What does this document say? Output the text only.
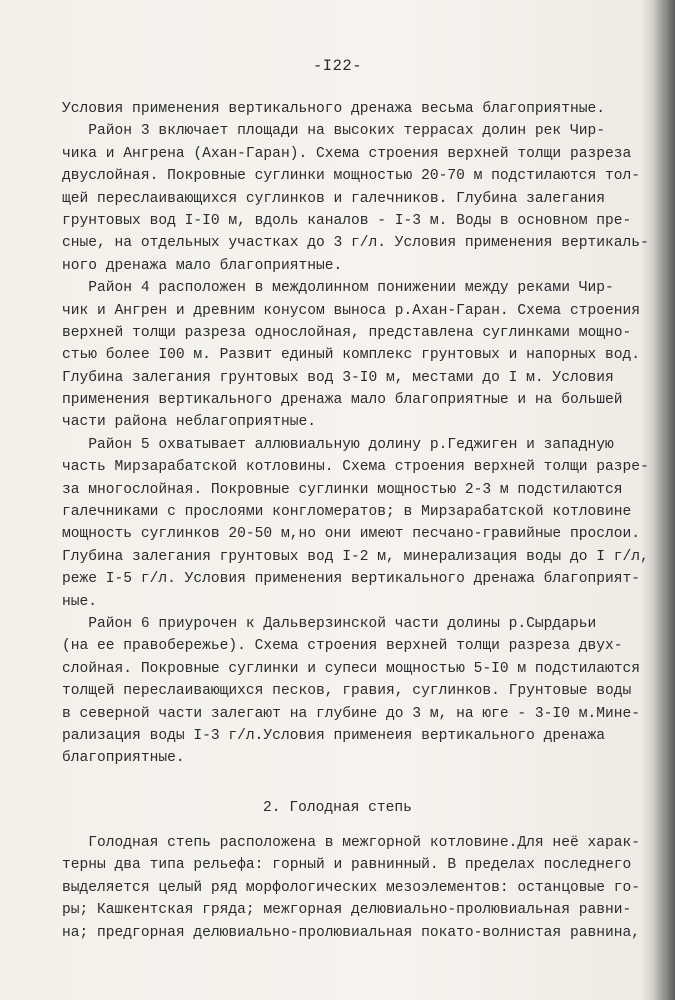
-I22-
Условия применения вертикального дренажа весьма благоприятные.
Район 3 включает площади на высоких террасах долин рек Чир-
чика и Ангрена (Ахан-Гаран). Схема строения верхней толщи разреза
двуслойная. Покровные суглинки мощностью 20-70 м подстилаются тол-
щей переслаивающихся суглинков и галечников. Глубина залегания
грунтовых вод I-I0 м, вдоль каналов - I-3 м. Воды в основном пре-
сные, на отдельных участках до 3 г/л. Условия применения вертикаль-
ного дренажа мало благоприятные.
Район 4 расположен в междолинном понижении между реками Чир-
чик и Ангрен и древним конусом выноса р.Ахан-Гаран. Схема строения
верхней толщи разреза однослойная, представлена суглинками мощно-
стью более I00 м. Развит единый комплекс грунтовых и напорных вод.
Глубина залегания грунтовых вод 3-I0 м, местами до I м. Условия
применения вертикального дренажа мало благоприятные и на большей
части района неблагоприятные.
Район 5 охватывает аллювиальную долину р.Геджиген и западную
часть Мирзарабатской котловины. Схема строения верхней толщи разре-
за многослойная. Покровные суглинки мощностью 2-3 м подстилаются
галечниками с прослоями конгломератов; в Мирзарабатской котловине
мощность суглинков 20-50 м,но они имеют песчано-гравийные прослои.
Глубина залегания грунтовых вод I-2 м, минерализация воды до I г/л,
реже I-5 г/л. Условия применения вертикального дренажа благоприят-
ные.
Район 6 приурочен к Дальверзинской части долины р.Сырдарьи
(на ее правобережье). Схема строения верхней толщи разреза двух-
слойная. Покровные суглинки и супеси мощностью 5-I0 м подстилаются
толщей переслаивающихся песков, гравия, суглинков. Грунтовые воды
в северной части залегают на глубине до 3 м, на юге - 3-I0 м.Мине-
рализация воды I-3 г/л.Условия применеия вертикального дренажа
благоприятные.
2. Голодная степь
Голодная степь расположена в межгорной котловине.Для неё харак-
терны два типа рельефа: горный и равнинный. В пределах последнего
выделяется целый ряд морфологических мезоэлементов: останцовые го-
ры; Кашкентская гряда; межгорная делювиально-пролювиальная равни-
на; предгорная делювиально-пролювиальная покато-волнистая равнина,
